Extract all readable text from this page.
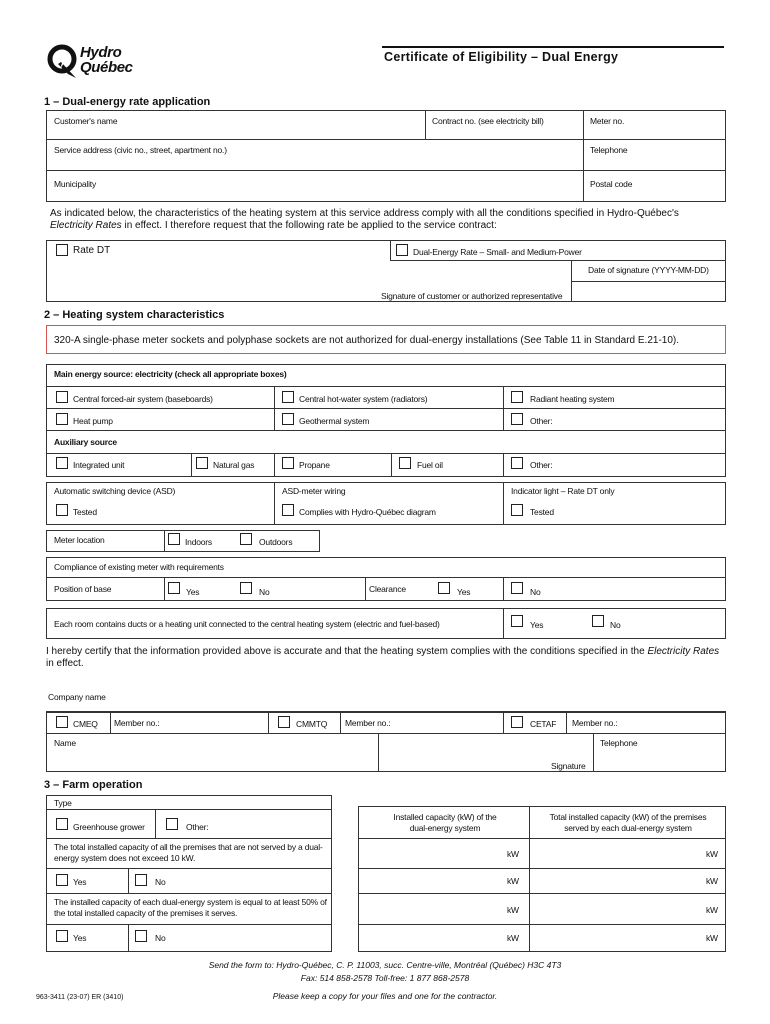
Hydro
Québec
Certificate of Eligibility – Dual Energy
1 – Dual-energy rate application
Customer's name	Contract no. (see electricity bill)	Meter no.
Service address (civic no., street, apartment no.)	Telephone
Municipality	Postal code
As indicated below, the characteristics of the heating system at this service address comply with all the conditions specified in Hydro-Québec's
Electricity Rates in effect. I therefore request that the following rate be applied to the service contract:
Rate DT	Dual-Energy Rate – Small- and Medium-Power
Date of signature (YYYY-MM-DD)
Signature of customer or authorized representative
2 – Heating system characteristics
320-A single-phase meter sockets and polyphase sockets are not authorized for dual-energy installations (See Table 11 in Standard E.21-10).
Main energy source: electricity (check all appropriate boxes)
Central forced-air system (baseboards)	Central hot-water system (radiators)	Radiant heating system
Heat pump	Geothermal system	Other:
Auxiliary source
Integrated unit	Natural gas	Propane	Fuel oil	Other:
Automatic switching device (ASD)	ASD-meter wiring	Indicator light – Rate DT only
Tested	Complies with Hydro-Québec diagram	Tested
Meter location	Indoors	Outdoors
Compliance of existing meter with requirements
Position of base	Yes	No	Clearance	Yes	No
Each room contains ducts or a heating unit connected to the central heating system (electric and fuel-based)	Yes	No
I hereby certify that the information provided above is accurate and that the heating system complies with the conditions specified in the Electricity Rates
in effect.
Company name
CMEQ Member no.:	CMMTQ Member no.:	CETAF Member no.:
Name	Telephone
Signature
3 – Farm operation
Type
Greenhouse grower	Other:
The total installed capacity of all the premises that are not served by a dual-energy system does not exceed 10 kW.
Yes	No
The installed capacity of each dual-energy system is equal to at least 50% of the total installed capacity of the premises it serves.
Yes	No
Installed capacity (kW) of the dual-energy system
Total installed capacity (kW) of the premises served by each dual-energy system
kW	kW
kW	kW
kW	kW
kW	kW
Send the form to: Hydro-Québec, C. P. 11003, succ. Centre-ville, Montréal (Québec) H3C 4T3
Fax: 514 858-2578 Toll-free: 1 877 868-2578
963-3411 (23-07) ER (3410)	Please keep a copy for your files and one for the contractor.
